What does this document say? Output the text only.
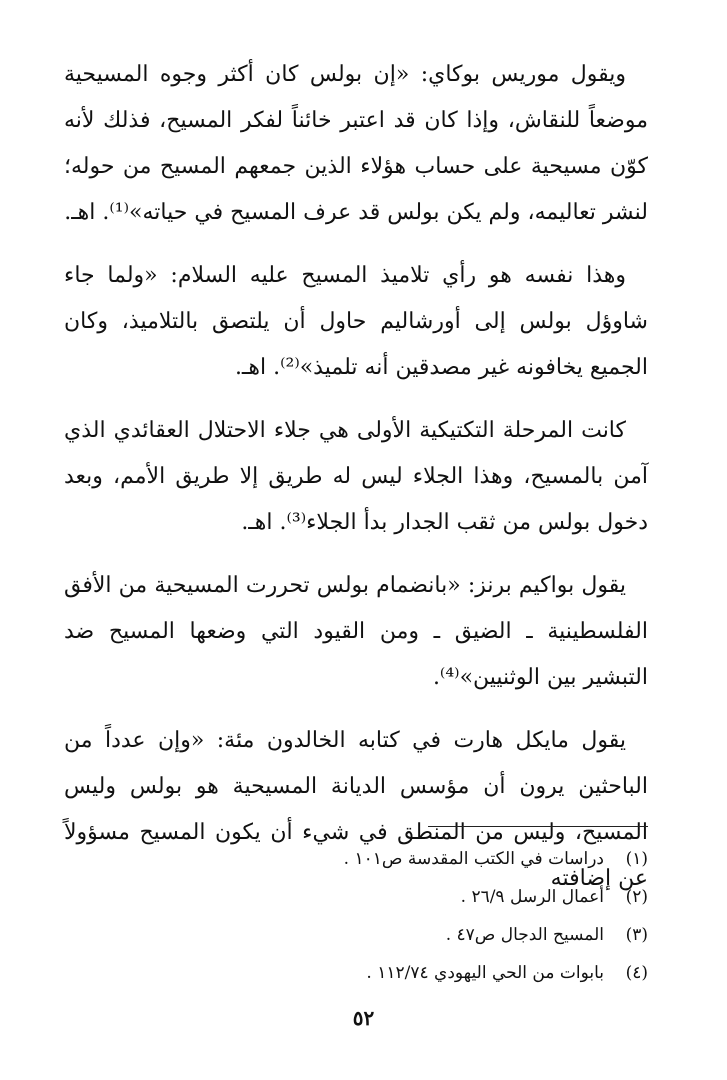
ويقول موريس بوكاي: «إن بولس كان أكثر وجوه المسيحية موضعاً للنقاش، وإذا كان قد اعتبر خائناً لفكر المسيح، فذلك لأنه كوّن مسيحية على حساب هؤلاء الذين جمعهم المسيح من حوله؛ لنشر تعاليمه، ولم يكن بولس قد عرف المسيح في حياته»⁽¹⁾. اهـ.

وهذا نفسه هو رأي تلاميذ المسيح عليه السلام: «ولما جاء شاوؤل بولس إلى أورشاليم حاول أن يلتصق بالتلاميذ، وكان الجميع يخافونه غير مصدقين أنه تلميذ»⁽²⁾. اهـ.

كانت المرحلة التكتيكية الأولى هي جلاء الاحتلال العقائدي الذي آمن بالمسيح، وهذا الجلاء ليس له طريق إلا طريق الأمم، وبعد دخول بولس من ثقب الجدار بدأ الجلاء⁽³⁾. اهـ.

يقول بواكيم برنز: «بانضمام بولس تحررت المسيحية من الأفق الفلسطينية ـ الضيق ـ ومن القيود التي وضعها المسيح ضد التبشير بين الوثنيين»⁽⁴⁾.

يقول مايكل هارت في كتابه الخالدون مئة: «وإن عدداً من الباحثين يرون أن مؤسس الديانة المسيحية هو بولس وليس المسيح، وليس من المنطق في شيء أن يكون المسيح مسؤولاً عن إضافته

(١)دراسات في الكتب المقدسة ص١٠١ .
(٢)أعمال الرسل ٢٦/٩ .
(٣)المسيح الدجال ص٤٧ .
(٤)بابوات من الحي اليهودي ١١٢/٧٤ .
٥٢
